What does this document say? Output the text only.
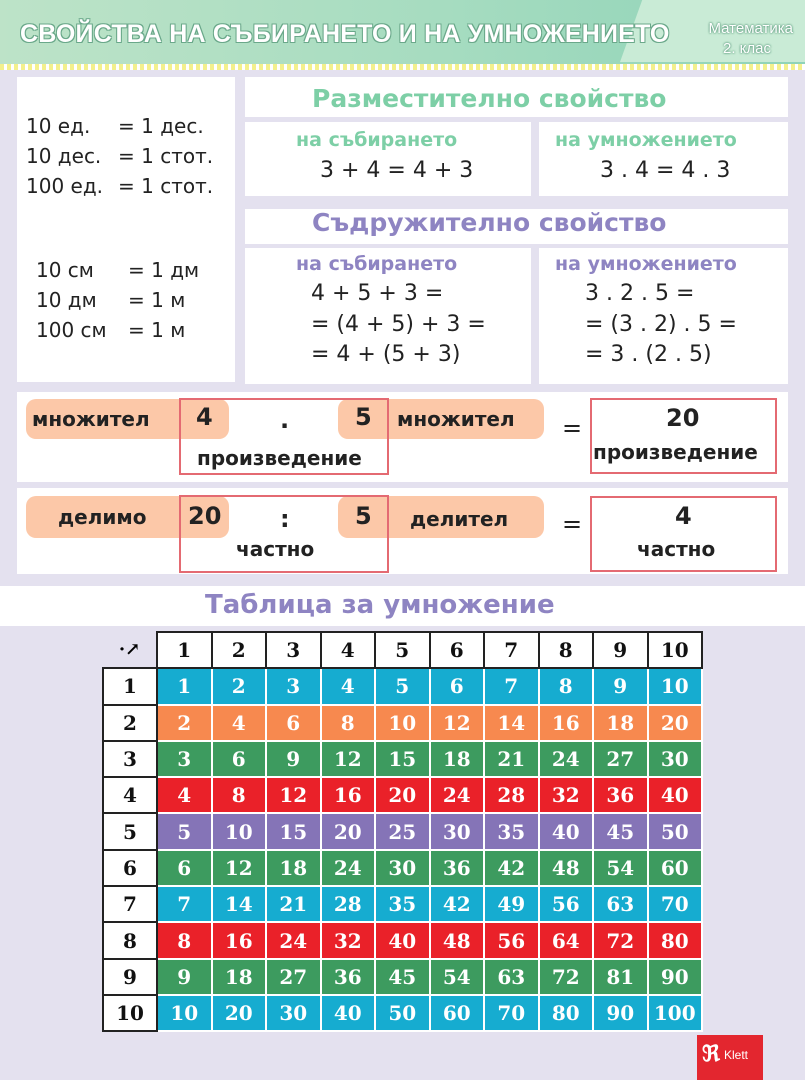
СВОЙСТВА НА СЪБИРАНЕТО И НА УМНОЖЕНИЕТО	Математика
2. клас
10 ед. = 1 дес.
10 дес. = 1 стот.
100 ед. = 1 стот.
10 см = 1 дм
10 дм = 1 м
100 см = 1 м
Разместително свойство
на събирането
3 + 4 = 4 + 3
на умножението
3 . 4 = 4 . 3
Съдружително свойство
на събирането
4 + 5 + 3 =
= (4 + 5) + 3 =
= 4 + (5 + 3)
на умножението
3 . 2 . 5 =
= (3 . 2) . 5 =
= 3 . (2 . 5)
множител 4	.	5 множител
произведение
=	20
произведение
делимо 20 :	5 делител
частно
=	4
частно
Таблица за умножение
·↗	1	2	3	4	5	6	7	8	9	10
1	1	2	3	4	5	6	7	8	9	10
2	2	4	6	8	10	12	14	16	18	20
3	3	6	9	12	15	18	21	24	27	30
4	4	8	12	16	20	24	28	32	36	40
5	5	10	15	20	25	30	35	40	45	50
6	6	12	18	24	30	36	42	48	54	60
7	7	14	21	28	35	42	49	56	63	70
8	8	16	24	32	40	48	56	64	72	80
9	9	18	27	36	45	54	63	72	81	90
10	10	20	30	40	50	60	70	80	90	100
ℜ Klett
